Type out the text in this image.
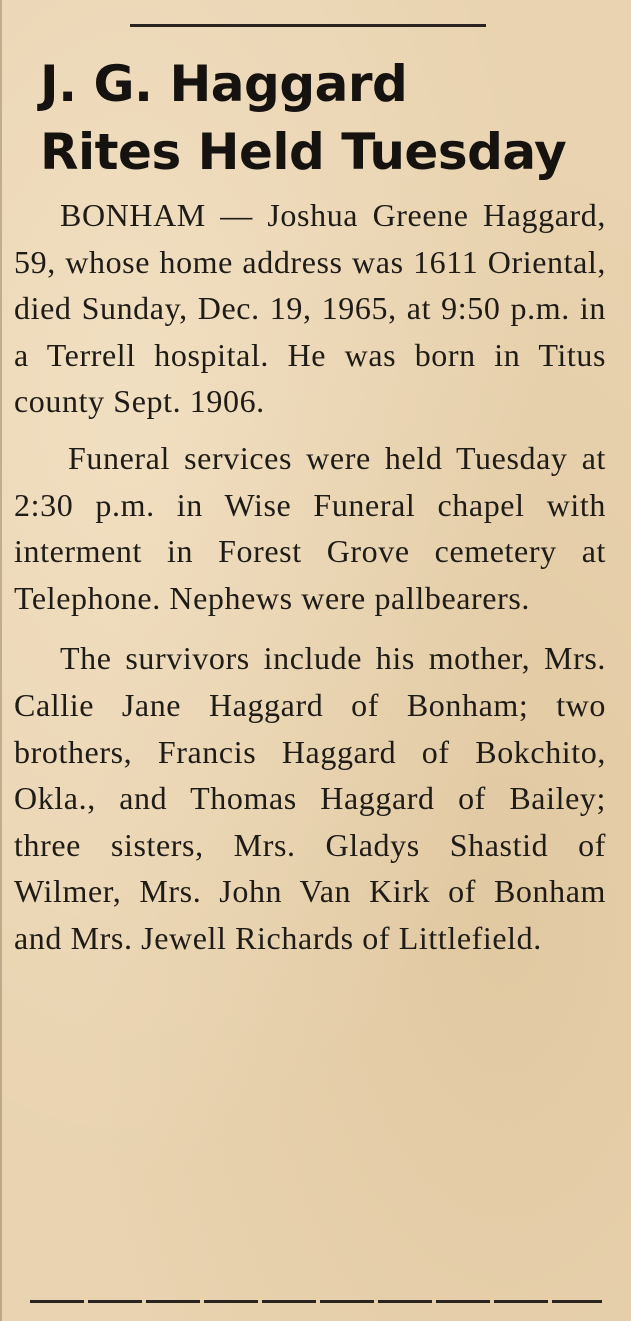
J. G. Haggard
Rites Held Tuesday

BONHAM — Joshua Greene Haggard, 59, whose home address was 1611 Oriental, died Sunday, Dec. 19, 1965, at 9:50 p.m. in a Terrell hospital. He was born in Titus county Sept. 1906.

Funeral services were held Tuesday at 2:30 p.m. in Wise Funeral chapel with interment in Forest Grove cemetery at Telephone. Nephews were pallbearers.

The survivors include his mother, Mrs. Callie Jane Haggard of Bonham; two brothers, Francis Haggard of Bokchito, Okla., and Thomas Haggard of Bailey; three sisters, Mrs. Gladys Shastid of Wilmer, Mrs. John Van Kirk of Bonham and Mrs. Jewell Richards of Littlefield.
